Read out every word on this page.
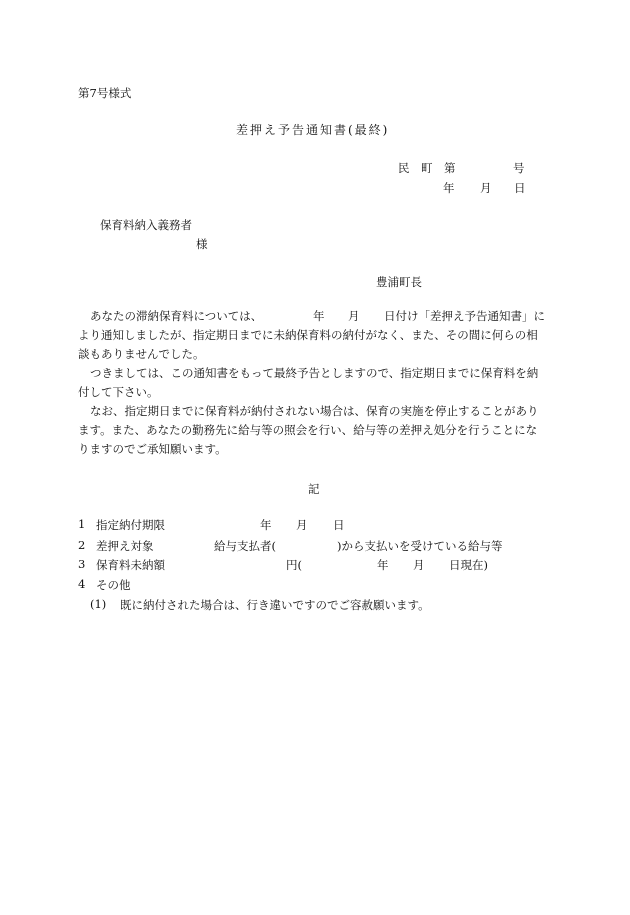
第7号様式
差押え予告通知書(最終)
民　町　第	号
年 月 日
保育料納入義務者
様
豊浦町長
あなたの滞納保育料については、	年 月 日付け「差押え予告通知書」に
より通知しましたが、指定期日までに未納保育料の納付がなく、また、その間に何らの相
談もありませんでした。
つきましては、この通知書をもって最終予告としますので、指定期日までに保育料を納
付して下さい。
なお、指定期日までに保育料が納付されない場合は、保育の実施を停止することがあり
ます。また、あなたの勤務先に給与等の照会を行い、給与等の差押え処分を行うことにな
りますのでご承知願います。
記
1 指定納付期限	年 月 日
2 差押え対象	給与支払者(	)から支払いを受けている給与等
3 保育料未納額	円(	年 月 日現在)
4 その他
(1) 既に納付された場合は、行き違いですのでご容赦願います。
